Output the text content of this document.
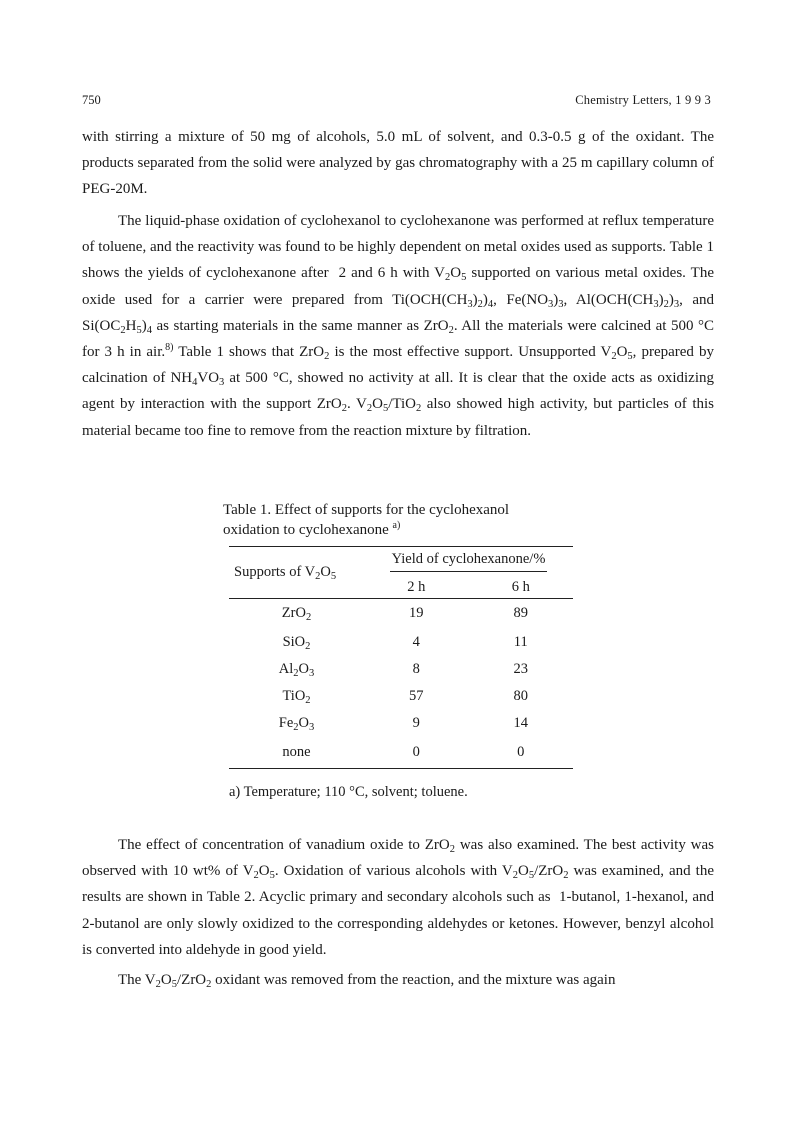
750	Chemistry Letters, 1 9 9 3
with stirring a mixture of 50 mg of alcohols, 5.0 mL of solvent, and 0.3-0.5 g of the oxidant. The products separated from the solid were analyzed by gas chromatography with a 25 m capillary column of PEG-20M.
The liquid-phase oxidation of cyclohexanol to cyclohexanone was performed at reflux temperature of toluene, and the reactivity was found to be highly dependent on metal oxides used as supports. Table 1 shows the yields of cyclohexanone after  2 and 6 h with $V_2O_5$ supported on various metal oxides. The oxide used for a carrier were prepared from $Ti(OCH(CH_3)_2)_4$, $Fe(NO_3)_3$, $Al(OCH(CH_3)_2)_3$, and $Si(OC_2H_5)_4$ as starting materials in the same manner as ZrO$_2$. All the materials were calcined at 500 °C for 3 h in air.$^{8)}$ Table 1 shows that ZrO$_2$ is the most effective support. Unsupported $V_2O_5$, prepared by calcination of $NH_4VO_3$ at 500 °C, showed no activity at all. It is clear that the oxide acts as oxidizing agent by interaction with the support ZrO$_2$. $V_2O_5/TiO_2$ also showed high activity, but particles of this material became too fine to remove from the reaction mixture by filtration.
Table 1. Effect of supports for the cyclohexanol
oxidation to cyclohexanone $^{a)}$
Supports of $V_2O_5$	Yield of cyclohexanone/%	
	2 h	6 h
ZrO$_2$	19	89
SiO$_2$	4	11
$Al_2O_3$	8	23
TiO$_2$	57	80
$Fe_2O_3$	9	14
none	0	0
a) Temperature; 110 °C, solvent; toluene.
The effect of concentration of vanadium oxide to ZrO$_2$ was also examined. The best activity was observed with 10 wt% of $V_2O_5$. Oxidation of various alcohols with $V_2O_5/ZrO_2$ was examined, and the results are shown in Table 2. Acyclic primary and secondary alcohols such as  1-butanol, 1-hexanol, and 2-butanol are only slowly oxidized to the corresponding aldehydes or ketones. However, benzyl alcohol is converted into aldehyde in good yield.
The $V_2O_5/ZrO_2$ oxidant was removed from the reaction, and the mixture was again
